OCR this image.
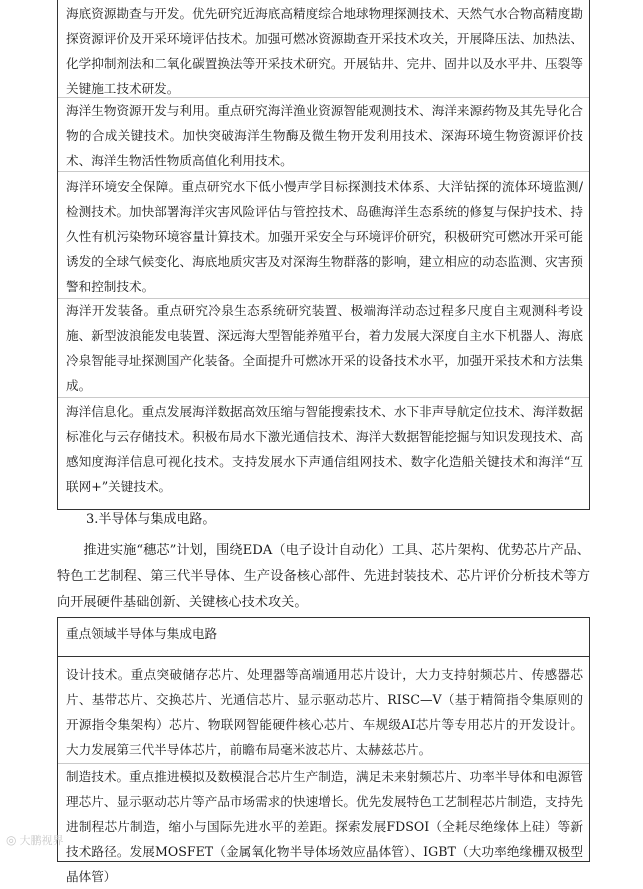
海底资源勘查与开发。优先研究近海底高精度综合地球物理探测技术、天然气水合物高精度勘探资源评价及开采环境评估技术。加强可燃冰资源勘查开采技术攻关，开展降压法、加热法、化学抑制剂法和二氧化碳置换法等开采技术研究。开展钻井、完井、固井以及水平井、压裂等关键施工技术研发。

海洋生物资源开发与利用。重点研究海洋渔业资源智能观测技术、海洋来源药物及其先导化合物的合成关键技术。加快突破海洋生物酶及微生物开发利用技术、深海环境生物资源评价技术、海洋生物活性物质高值化利用技术。

海洋环境安全保障。重点研究水下低小慢声学目标探测技术体系、大洋钻探的流体环境监测/检测技术。加快部署海洋灾害风险评估与管控技术、岛礁海洋生态系统的修复与保护技术、持久性有机污染物环境容量计算技术。加强开采安全与环境评价研究，积极研究可燃冰开采可能诱发的全球气候变化、海底地质灾害及对深海生物群落的影响，建立相应的动态监测、灾害预警和控制技术。

海洋开发装备。重点研究冷泉生态系统研究装置、极端海洋动态过程多尺度自主观测科考设施、新型波浪能发电装置、深远海大型智能养殖平台，着力发展大深度自主水下机器人、海底冷泉智能寻址探测国产化装备。全面提升可燃冰开采的设备技术水平，加强开采技术和方法集成。

海洋信息化。重点发展海洋数据高效压缩与智能搜索技术、水下非声导航定位技术、海洋数据标准化与云存储技术。积极布局水下激光通信技术、海洋大数据智能挖掘与知识发现技术、高感知度海洋信息可视化技术。支持发展水下声通信组网技术、数字化造船关键技术和海洋“互联网+”关键技术。

3.半导体与集成电路。

推进实施“穗芯”计划，围绕EDA（电子设计自动化）工具、芯片架构、优势芯片产品、特色工艺制程、第三代半导体、生产设备核心部件、先进封装技术、芯片评价分析技术等方向开展硬件基础创新、关键核心技术攻关。

重点领域半导体与集成电路

设计技术。重点突破储存芯片、处理器等高端通用芯片设计，大力支持射频芯片、传感器芯片、基带芯片、交换芯片、光通信芯片、显示驱动芯片、RISC—V（基于精简指令集原则的开源指令集架构）芯片、物联网智能硬件核心芯片、车规级AI芯片等专用芯片的开发设计。大力发展第三代半导体芯片，前瞻布局毫米波芯片、太赫兹芯片。

制造技术。重点推进模拟及数模混合芯片生产制造，满足未来射频芯片、功率半导体和电源管理芯片、显示驱动芯片等产品市场需求的快速增长。优先发展特色工艺制程芯片制造，支持先进制程芯片制造，缩小与国际先进水平的差距。探索发展FDSOI（全耗尽绝缘体上硅）等新技术路径。发展MOSFET（金属氧化物半导体场效应晶体管）、IGBT（大功率绝缘栅双极型晶体管）

◎ 大鹏视界
